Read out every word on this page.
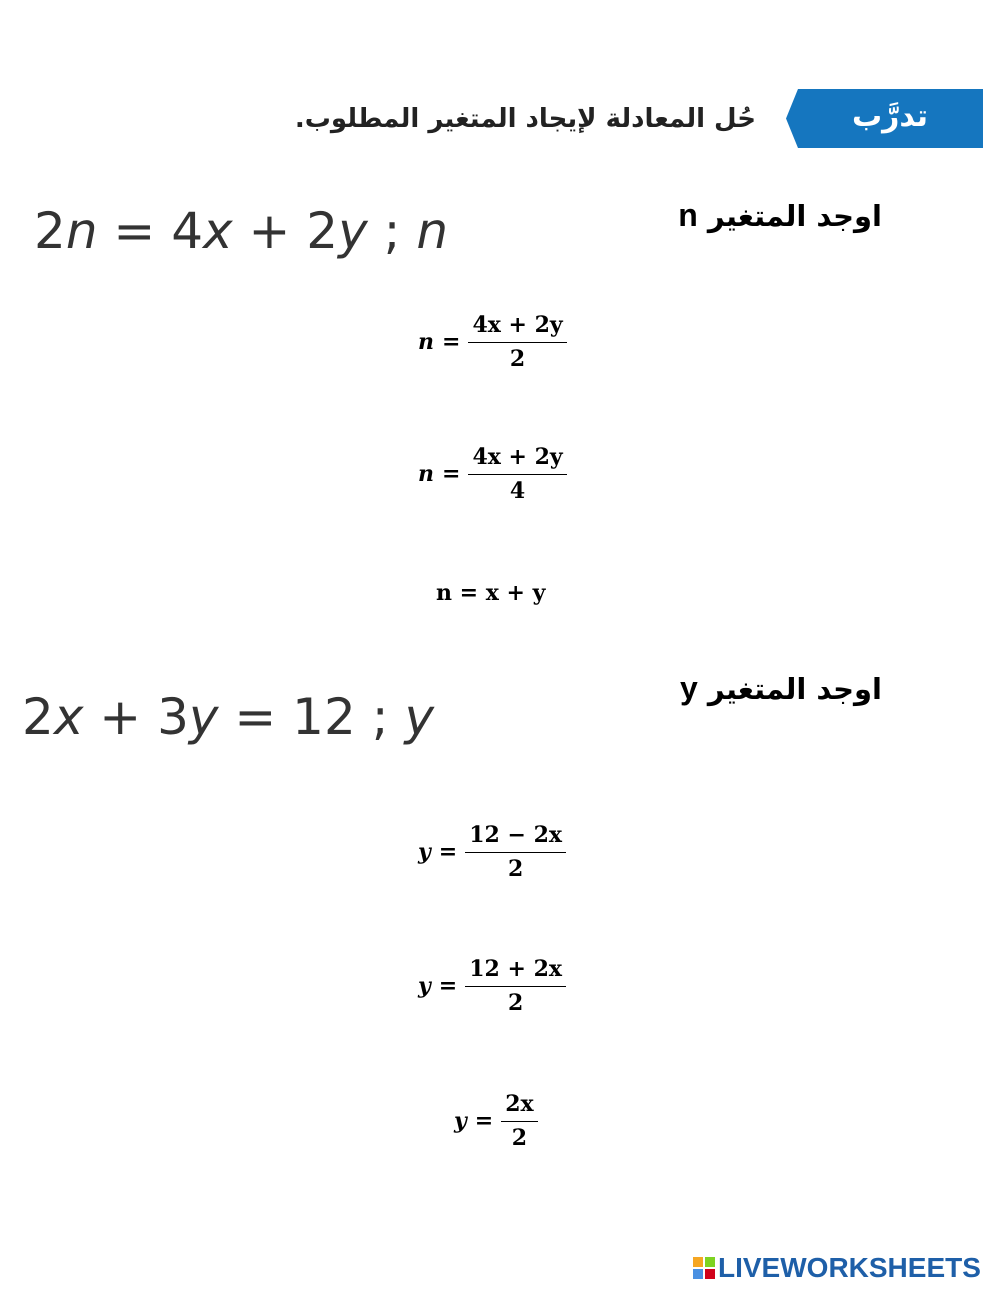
تدرَّب
حُل المعادلة لإيجاد المتغير المطلوب.
اوجد المتغير n
2n = 4x + 2y ; n
$n = \frac{4x + 2y}{2}$
$n = \frac{4x + 2y}{4}$
n = x + y
اوجد المتغير y
2x + 3y = 12 ; y
$y = \frac{12 - 2x}{2}$
$y = \frac{12 + 2x}{2}$
$y = \frac{2x}{2}$
LIVEWORKSHEETS
